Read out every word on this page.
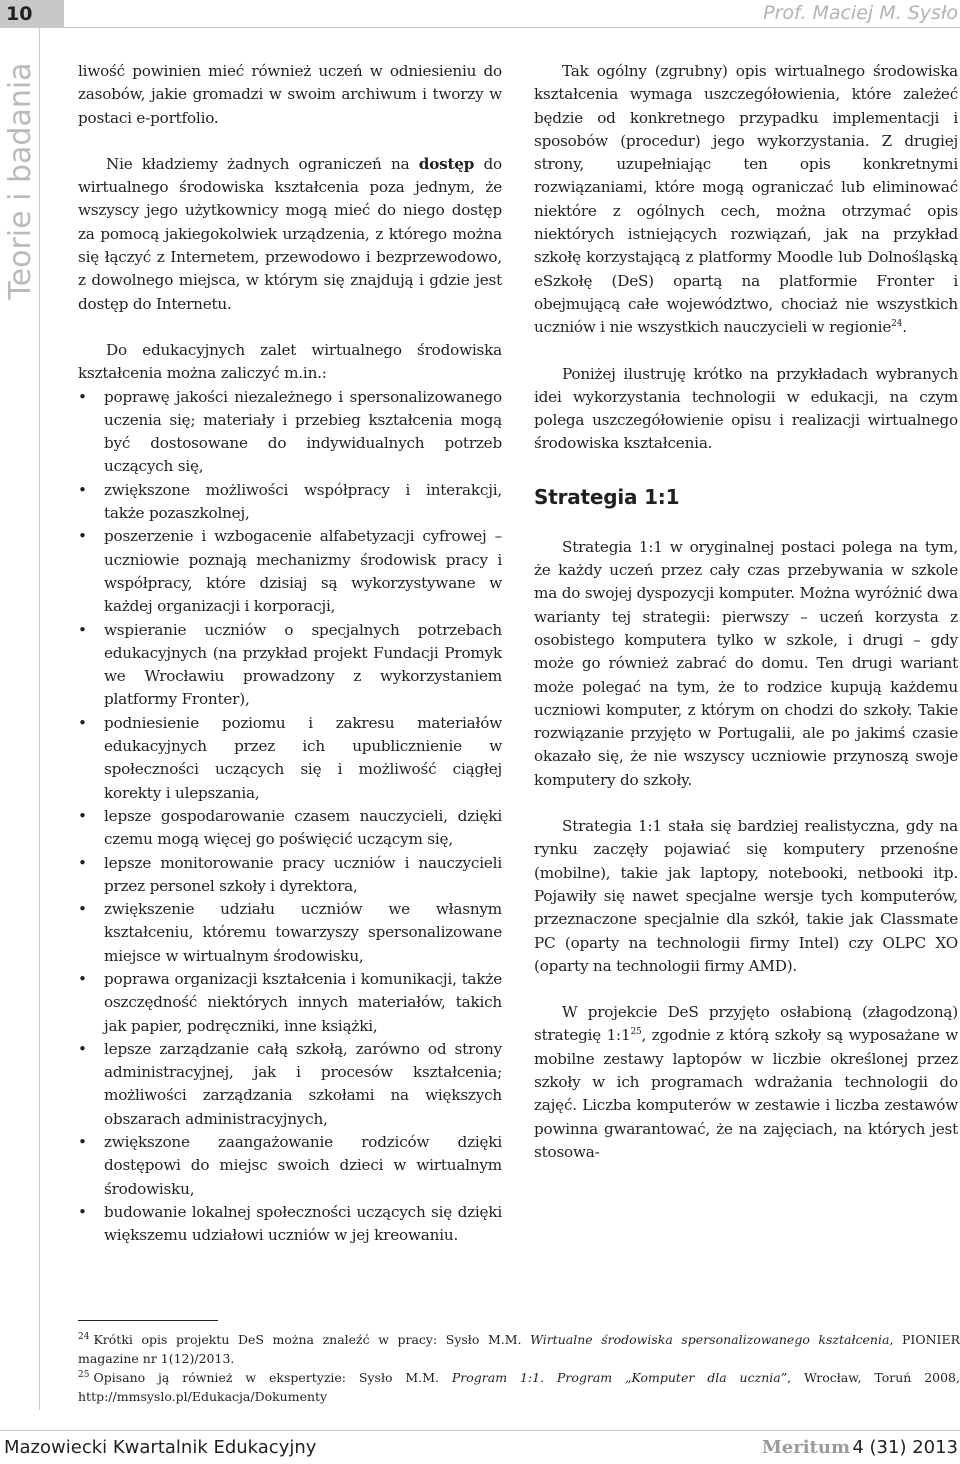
10	Prof. Maciej M. Sysło
Teorie i badania	liwość powinien mieć również uczeń w odniesieniu do zasobów, jakie gromadzi w swoim archiwum i tworzy w postaci e-portfolio.

Nie kładziemy żadnych ograniczeń na dostęp do wirtualnego środowiska kształcenia poza jednym, że wszyscy jego użytkownicy mogą mieć do niego dostęp za pomocą jakiegokolwiek urządzenia, z którego można się łączyć z Internetem, przewodowo i bezprzewodowo, z dowolnego miejsca, w którym się znajdują i gdzie jest dostęp do Internetu.

Do edukacyjnych zalet wirtualnego środowiska kształcenia można zaliczyć m.in.:

• poprawę jakości niezależnego i spersonalizowanego uczenia się; materiały i przebieg kształcenia mogą być dostosowane do indywidualnych potrzeb uczących się,
• zwiększone możliwości współpracy i interakcji, także pozaszkolnej,
• poszerzenie i wzbogacenie alfabetyzacji cyfrowej – uczniowie poznają mechanizmy środowisk pracy i współpracy, które dzisiaj są wykorzystywane w każdej organizacji i korporacji,
• wspieranie uczniów o specjalnych potrzebach edukacyjnych (na przykład projekt Fundacji Promyk we Wrocławiu prowadzony z wykorzystaniem platformy Fronter),
• podniesienie poziomu i zakresu materiałów edukacyjnych przez ich upublicznienie w społeczności uczących się i możliwość ciągłej korekty i ulepszania,
• lepsze gospodarowanie czasem nauczycieli, dzięki czemu mogą więcej go poświęcić uczącym się,
• lepsze monitorowanie pracy uczniów i nauczycieli przez personel szkoły i dyrektora,
• zwiększenie udziału uczniów we własnym kształceniu, któremu towarzyszy spersonalizowane miejsce w wirtualnym środowisku,
• poprawa organizacji kształcenia i komunikacji, także oszczędność niektórych innych materiałów, takich jak papier, podręczniki, inne książki,
• lepsze zarządzanie całą szkołą, zarówno od strony administracyjnej, jak i procesów kształcenia; możliwości zarządzania szkołami na większych obszarach administracyjnych,
• zwiększone zaangażowanie rodziców dzięki dostępowi do miejsc swoich dzieci w wirtualnym środowisku,
• budowanie lokalnej społeczności uczących się dzięki większemu udziałowi uczniów w jej kreowaniu.

Tak ogólny (zgrubny) opis wirtualnego środowiska kształcenia wymaga uszczegółowienia, które zależeć będzie od konkretnego przypadku implementacji i sposobów (procedur) jego wykorzystania. Z drugiej strony, uzupełniając ten opis konkretnymi rozwiązaniami, które mogą ograniczać lub eliminować niektóre z ogólnych cech, można otrzymać opis niektórych istniejących rozwiązań, jak na przykład szkołę korzystającą z platformy Moodle lub Dolnośląską eSzkołę (DeS) opartą na platformie Fronter i obejmującą całe województwo, chociaż nie wszystkich uczniów i nie wszystkich nauczycieli w regionie$^{24}$.

Poniżej ilustruję krótko na przykładach wybranych idei wykorzystania technologii w edukacji, na czym polega uszczegółowienie opisu i realizacji wirtualnego środowiska kształcenia.

Strategia 1:1

Strategia 1:1 w oryginalnej postaci polega na tym, że każdy uczeń przez cały czas przebywania w szkole ma do swojej dyspozycji komputer. Można wyróżnić dwa warianty tej strategii: pierwszy – uczeń korzysta z osobistego komputera tylko w szkole, i drugi – gdy może go również zabrać do domu. Ten drugi wariant może polegać na tym, że to rodzice kupują każdemu uczniowi komputer, z którym on chodzi do szkoły. Takie rozwiązanie przyjęto w Portugalii, ale po jakimś czasie okazało się, że nie wszyscy uczniowie przynoszą swoje komputery do szkoły.

Strategia 1:1 stała się bardziej realistyczna, gdy na rynku zaczęły pojawiać się komputery przenośne (mobilne), takie jak laptopy, notebooki, netbooki itp. Pojawiły się nawet specjalne wersje tych komputerów, przeznaczone specjalnie dla szkół, takie jak Classmate PC (oparty na technologii firmy Intel) czy OLPC XO (oparty na technologii firmy AMD).

W projekcie DeS przyjęto osłabioną (złagodzoną) strategię $1:1^{25}$, zgodnie z którą szkoły są wyposażane w mobilne zestawy laptopów w liczbie określonej przez szkoły w ich programach wdrażania technologii do zajęć. Liczba komputerów w zestawie i liczba zestawów powinna gwarantować, że na zajęciach, na których jest stosowa-

$^{24}$ Krótki opis projektu DeS można znaleźć w pracy: Sysło M.M. Wirtualne środowiska spersonalizowanego kształcenia, PIONIER magazine nr 1(12)/2013.

$^{25}$ Opisano ją również w ekspertyzie: Sysło M.M. Program 1:1. Program „Komputer dla ucznia”, Wrocław, Toruń 2008, http://mmsyslo.pl/Edukacja/Dokumenty

Mazowiecki Kwartalnik Edukacyjny	Meritum 4 (31) 2013
